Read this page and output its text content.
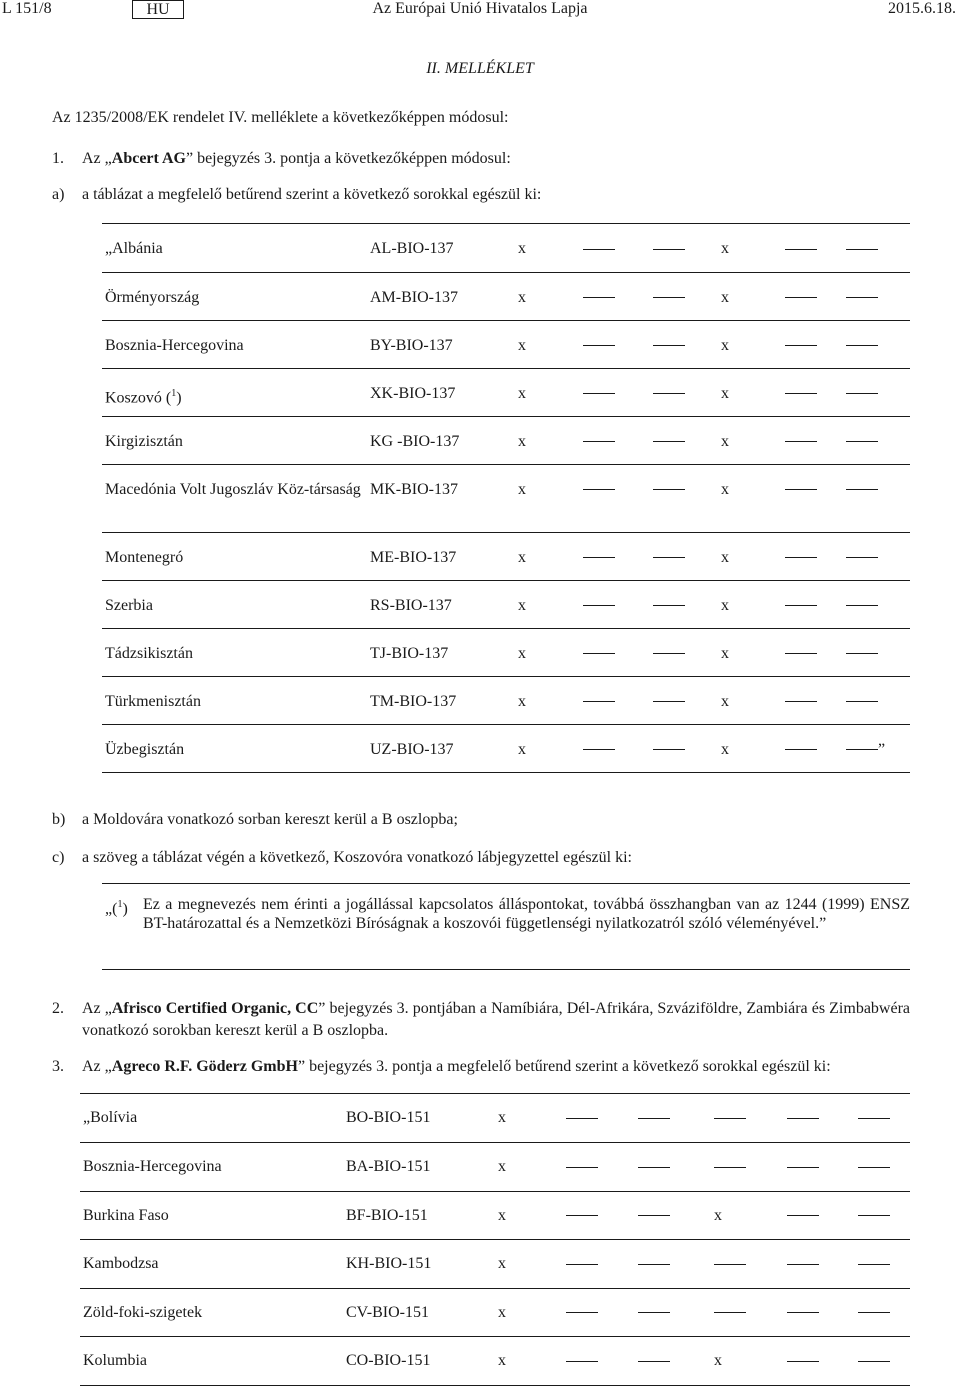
L 151/8	HU	Az Európai Unió Hivatalos Lapja	2015.6.18.
II. MELLÉKLET
Az 1235/2008/EK rendelet IV. melléklete a következőképpen módosul:
1. Az „Abcert AG” bejegyzés 3. pontja a következőképpen módosul:
a) a táblázat a megfelelő betűrend szerint a következő sorokkal egészül ki:
„Albánia	AL-BIO-137	x			x		
Örményország	AM-BIO-137	x			x		
Bosznia-Hercegovina	BY-BIO-137	x			x		
Koszovó ($^1$)	XK-BIO-137	x			x		
Kirgizisztán	KG -BIO-137	x			x		
Macedónia Volt Jugoszláv Köz-társaság	MK-BIO-137	x			x		
Montenegró	ME-BIO-137	x			x		
Szerbia	RS-BIO-137	x			x		
Tádzsikisztán	TJ-BIO-137	x			x		
Türkmenisztán	TM-BIO-137	x			x		
Üzbegisztán	UZ-BIO-137	x			x		”
b) a Moldovára vonatkozó sorban kereszt kerül a B oszlopba;
c) a szöveg a táblázat végén a következő, Koszovóra vonatkozó lábjegyzettel egészül ki:
„($^1$) Ez a megnevezés nem érinti a jogállással kapcsolatos álláspontokat, továbbá összhangban van az 1244 (1999) ENSZ BT-határozattal és a Nemzetközi Bíróságnak a koszovói függetlenségi nyilatkozatról szóló véleményével.”
2. Az „Afrisco Certified Organic, CC” bejegyzés 3. pontjában a Namíbiára, Dél-Afrikára, Szváziföldre, Zambiára és Zimbabwéra vonatkozó sorokban kereszt kerül a B oszlopba.
3. Az „Agreco R.F. Göderz GmbH” bejegyzés 3. pontja a megfelelő betűrend szerint a következő sorokkal egészül ki:
„Bolívia	BO-BIO-151	x					
Bosznia-Hercegovina	BA-BIO-151	x					
Burkina Faso	BF-BIO-151	x			x		
Kambodzsa	KH-BIO-151	x					
Zöld-foki-szigetek	CV-BIO-151	x					
Kolumbia	CO-BIO-151	x			x		
